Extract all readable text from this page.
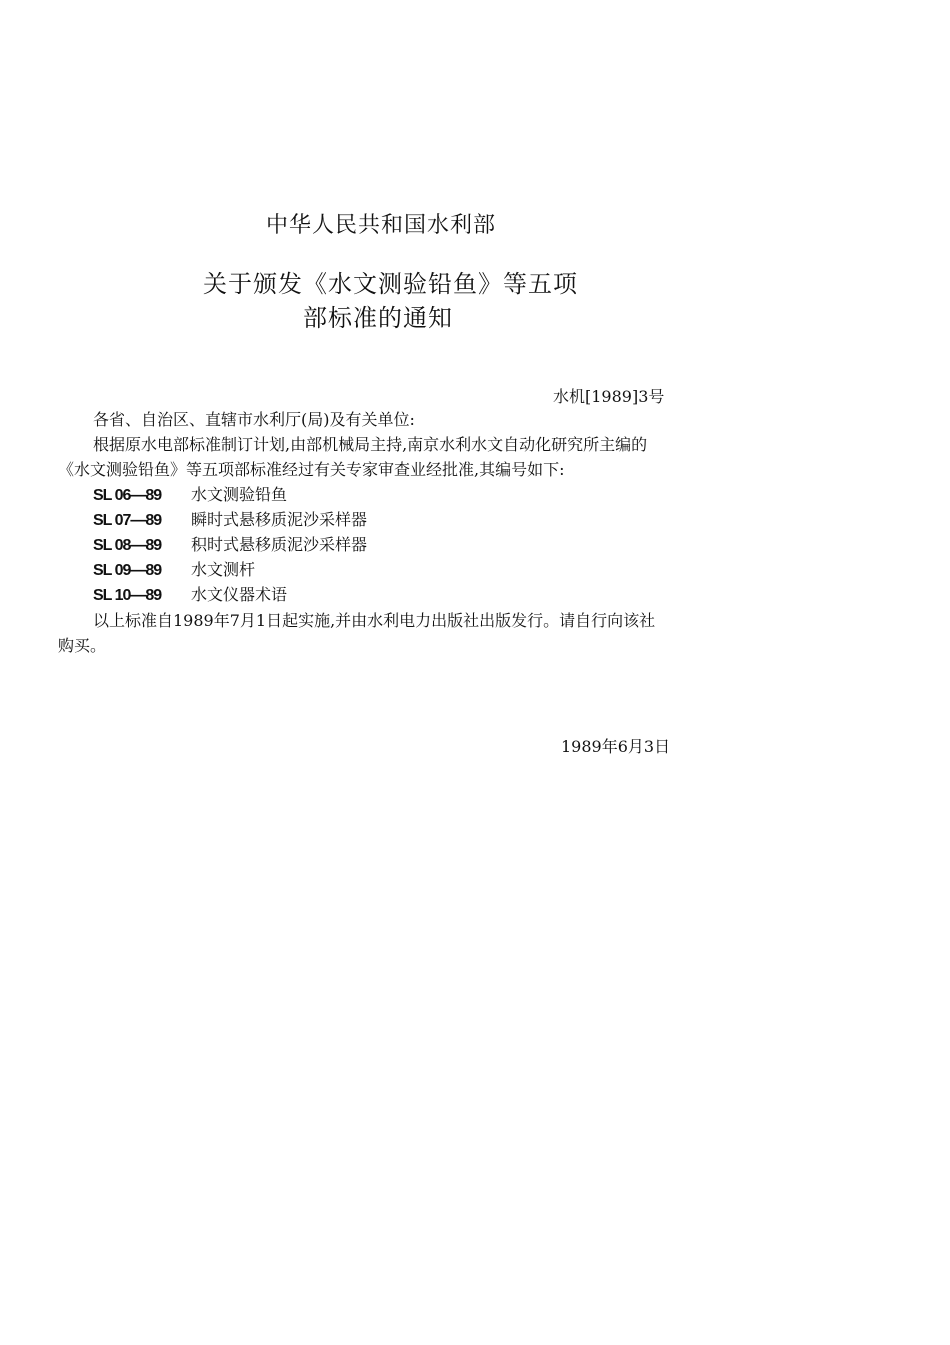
中华人民共和国水利部
关于颁发《水文测验铅鱼》等五项
部标准的通知
水机[1989]3号
各省、自治区、直辖市水利厅(局)及有关单位:
根据原水电部标准制订计划,由部机械局主持,南京水利水文自动化研究所主编的
《水文测验铅鱼》等五项部标准经过有关专家审查业经批准,其编号如下:
SL 06—89 水文测验铅鱼
SL 07—89 瞬时式悬移质泥沙采样器
SL 08—89 积时式悬移质泥沙采样器
SL 09—89 水文测杆
SL 10—89 水文仪器术语
以上标准自1989年7月1日起实施,并由水利电力出版社出版发行。请自行向该社
购买。
1989年6月3日
